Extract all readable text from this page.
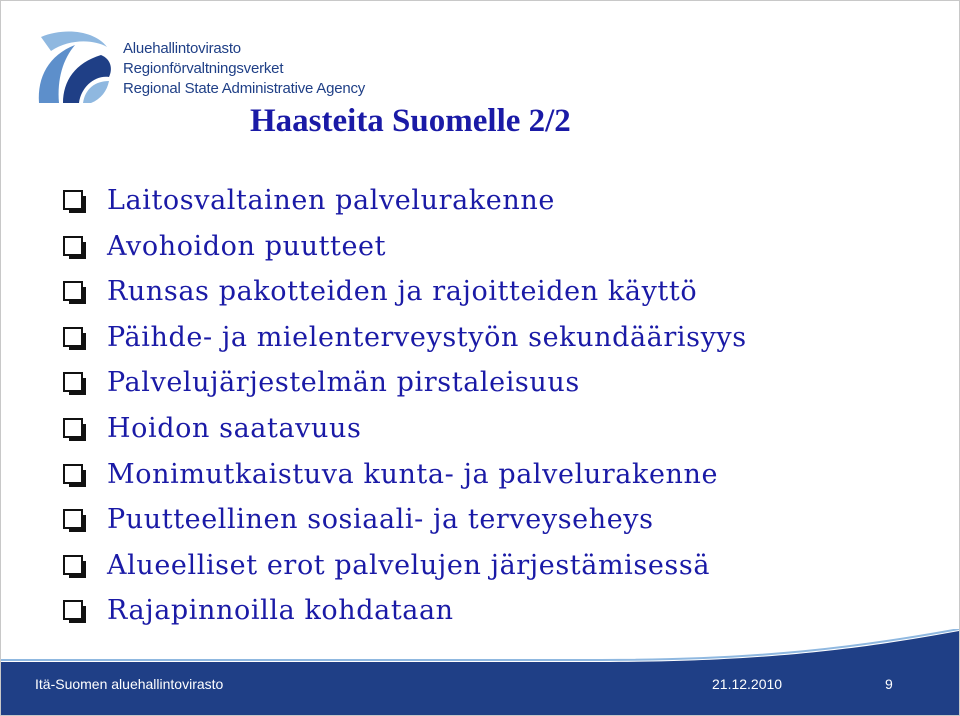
Aluehallintovirasto
Regionförvaltningsverket
Regional State Administrative Agency
Haasteita Suomelle 2/2
Laitosvaltainen palvelurakenne
Avohoidon puutteet
Runsas pakotteiden ja rajoitteiden käyttö
Päihde- ja mielenterveystyön sekundäärisyys
Palvelujärjestelmän pirstaleisuus
Hoidon saatavuus
Monimutkaistuva kunta- ja palvelurakenne
Puutteellinen sosiaali- ja terveyseheys
Alueelliset erot palvelujen järjestämisessä
Rajapinnoilla kohdataan
Itä-Suomen aluehallintovirasto	21.12.2010	9
